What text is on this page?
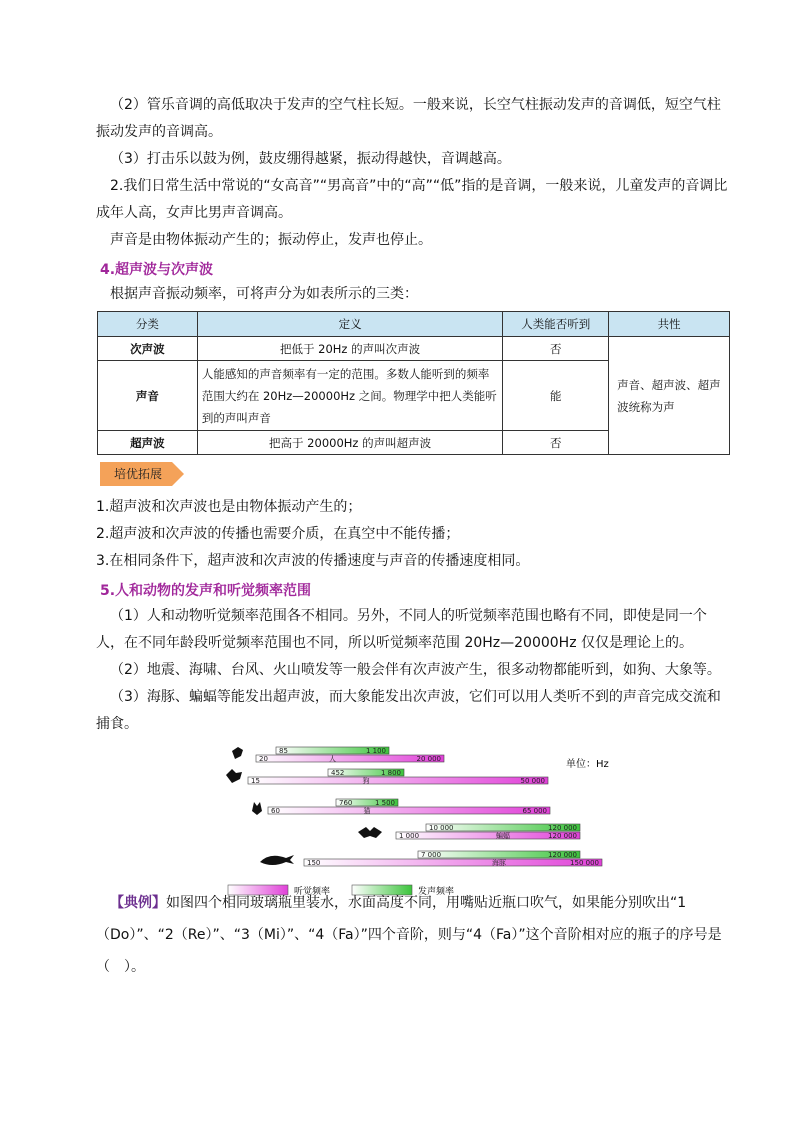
（2）管乐音调的高低取决于发声的空气柱长短。一般来说，长空气柱振动发声的音调低，短空气柱振动发声的音调高。

（3）打击乐以鼓为例，鼓皮绷得越紧，振动得越快，音调越高。

2.我们日常生活中常说的“女高音”“男高音”中的“高”“低”指的是音调，一般来说，儿童发声的音调比成年人高，女声比男声音调高。

声音是由物体振动产生的；振动停止，发声也停止。

4.超声波与次声波

根据声音振动频率，可将声分为如表所示的三类：

分类	定义	人类能否听到	共性
次声波	把低于 20Hz 的声叫次声波	否	声音、超声波、超声波统称为声
声音	人能感知的声音频率有一定的范围。多数人能听到的频率范围大约在 20Hz—20000Hz 之间。物理学中把人类能听到的声叫声音	能	
超声波	把高于 20000Hz 的声叫超声波	否	
培优拓展

1.超声波和次声波也是由物体振动产生的；

2.超声波和次声波的传播也需要介质，在真空中不能传播；

3.在相同条件下，超声波和次声波的传播速度与声音的传播速度相同。

5.人和动物的发声和听觉频率范围

（1）人和动物听觉频率范围各不相同。另外，不同人的听觉频率范围也略有不同，即使是同一个人，在不同年龄段听觉频率范围也不同，所以听觉频率范围 20Hz—20000Hz 仅仅是理论上的。

（2）地震、海啸、台风、火山喷发等一般会伴有次声波产生，很多动物都能听到，如狗、大象等。

（3）海豚、蝙蝠等能发出超声波，而大象能发出次声波，它们可以用人类听不到的声音完成交流和捕食。

20	20 000
85	1 100
人
15	50 000
452	1 800
狗
60	65 000
760	1 500
猫
1 000	120 000
10 000	120 000
蝙蝠
150	150 000
7 000	120 000
海豚
单位：Hz
听觉频率	发声频率

【典例】如图四个相同玻璃瓶里装水，水面高度不同，用嘴贴近瓶口吹气，如果能分别吹出“1（Do）”、“2（Re）”、“3（Mi）”、“4（Fa）”四个音阶，则与“4（Fa）”这个音阶相对应的瓶子的序号是（　）。
